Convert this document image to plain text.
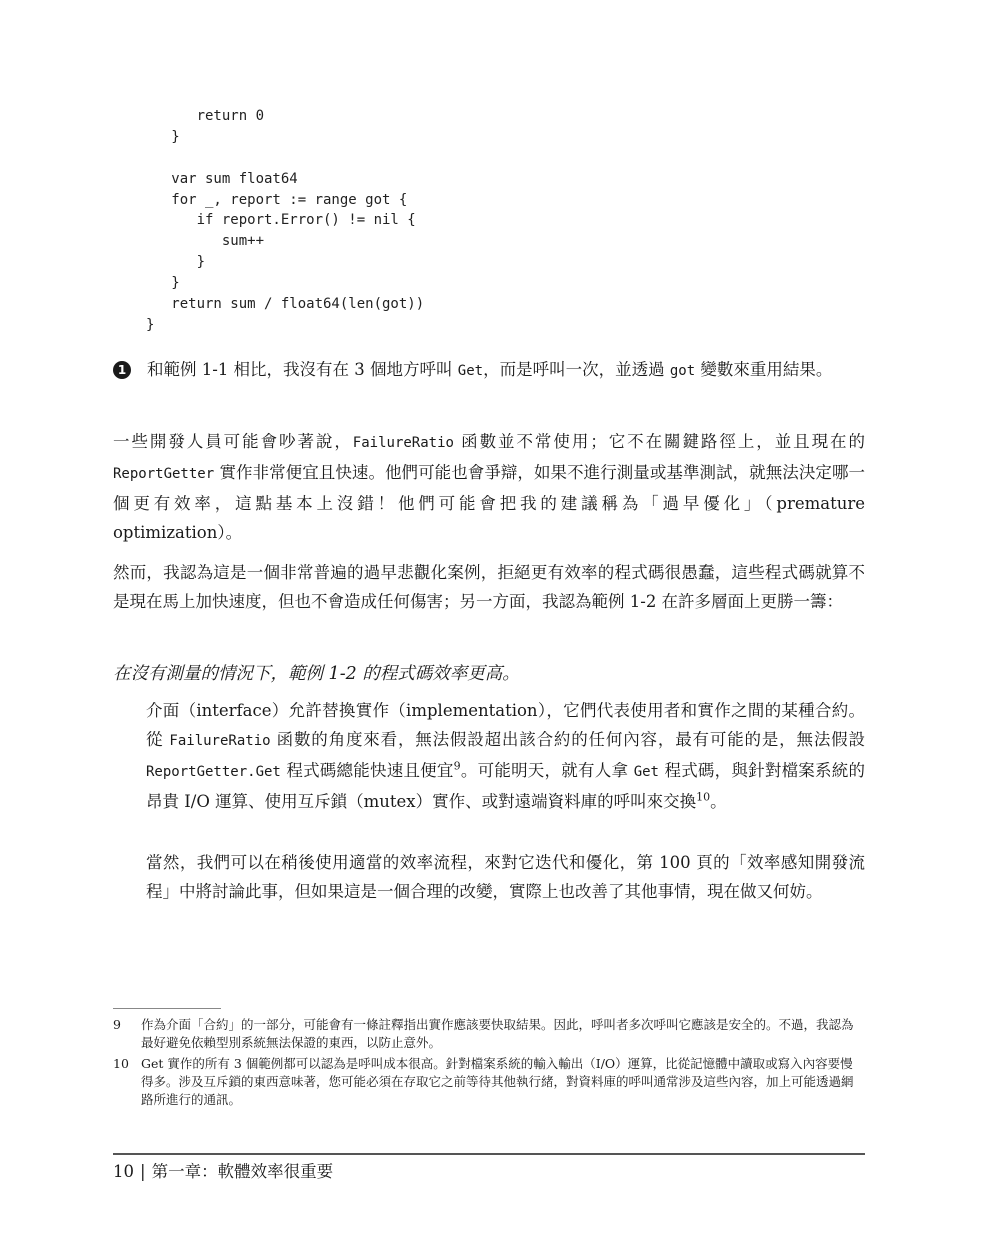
return 0
}
var sum float64
for _, report := range got {
if report.Error() != nil {
sum++
}
}
return sum / float64(len(got))
}
1 和範例 1-1 相比，我沒有在 3 個地方呼叫 Get，而是呼叫一次，並透過 got 變數來重用結果。

一些開發人員可能會吵著說，FailureRatio 函數並不常使用；它不在關鍵路徑上，並且現在的 ReportGetter 實作非常便宜且快速。他們可能也會爭辯，如果不進行測量或基準測試，就無法決定哪一個更有效率，這點基本上沒錯！他們可能會把我的建議稱為「過早優化」（premature optimization）。

然而，我認為這是一個非常普遍的過早悲觀化案例，拒絕更有效率的程式碼很愚蠢，這些程式碼就算不是現在馬上加快速度，但也不會造成任何傷害；另一方面，我認為範例 1-2 在許多層面上更勝一籌：

在沒有測量的情況下，範例 1-2 的程式碼效率更高。

介面（interface）允許替換實作（implementation），它們代表使用者和實作之間的某種合約。從 FailureRatio 函數的角度來看，無法假設超出該合約的任何內容，最有可能的是，無法假設 ReportGetter.Get 程式碼總能快速且便宜$^9$。可能明天，就有人拿 Get 程式碼，與針對檔案系統的昂貴 I/O 運算、使用互斥鎖（mutex）實作、或對遠端資料庫的呼叫來交換$^{10}$。

當然，我們可以在稍後使用適當的效率流程，來對它迭代和優化，第 100 頁的「效率感知開發流程」中將討論此事，但如果這是一個合理的改變，實際上也改善了其他事情，現在做又何妨。

9 作為介面「合約」的一部分，可能會有一條註釋指出實作應該要快取結果。因此，呼叫者多次呼叫它應該是安全的。不過，我認為最好避免依賴型別系統無法保證的東西，以防止意外。

10 Get 實作的所有 3 個範例都可以認為是呼叫成本很高。針對檔案系統的輸入輸出（I/O）運算，比從記憶體中讀取或寫入內容要慢得多。涉及互斥鎖的東西意味著，您可能必須在存取它之前等待其他執行緒，對資料庫的呼叫通常涉及這些內容，加上可能透過網路所進行的通訊。

10 | 第一章：軟體效率很重要
